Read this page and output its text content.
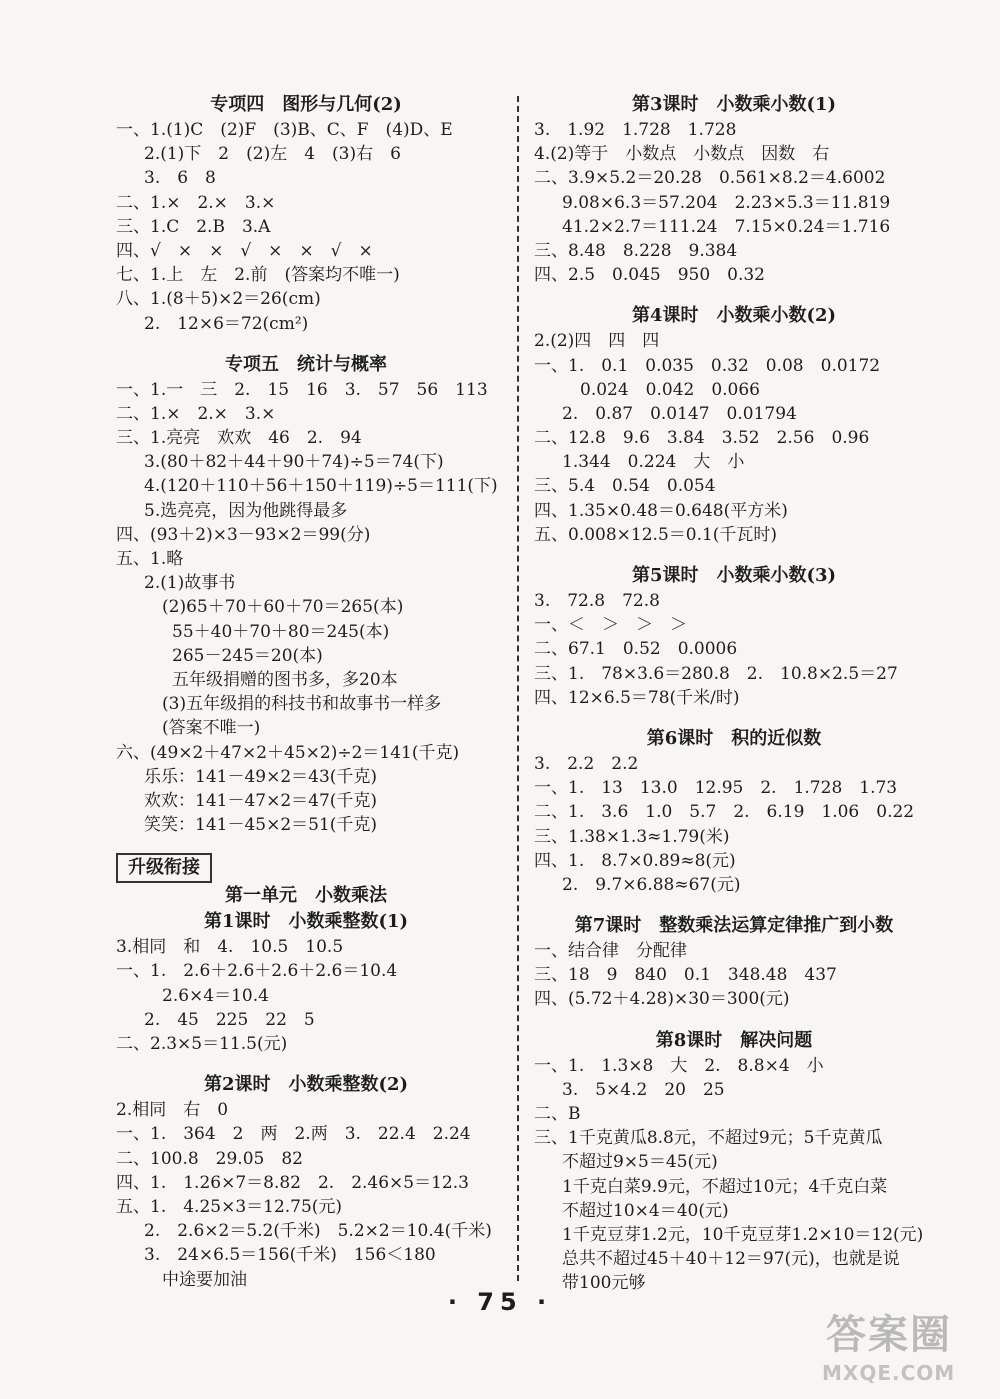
专项四　图形与几何(2)
一、1.(1)C　(2)F　(3)B、C、F　(4)D、E
2.(1)下　2　(2)左　4　(3)右　6
3.　6　8
二、1.×　2.×　3.×
三、1.C　2.B　3.A
四、√　×　×　√　×　×　√　×
七、1.上　左　2.前　(答案均不唯一)
八、1.(8＋5)×2＝26(cm)
2.　12×6＝72(cm²)
专项五　统计与概率
一、1.一　三　2.　15　16　3.　57　56　113
二、1.×　2.×　3.×
三、1.亮亮　欢欢　46　2.　94
3.(80＋82＋44＋90＋74)÷5＝74(下)
4.(120＋110＋56＋150＋119)÷5＝111(下)
5.选亮亮，因为他跳得最多
四、(93＋2)×3－93×2＝99(分)
五、1.略
2.(1)故事书
(2)65＋70＋60＋70＝265(本)
55＋40＋70＋80＝245(本)
265－245＝20(本)
五年级捐赠的图书多，多20本
(3)五年级捐的科技书和故事书一样多
(答案不唯一)
六、(49×2＋47×2＋45×2)÷2＝141(千克)
乐乐：141－49×2＝43(千克)
欢欢：141－47×2＝47(千克)
笑笑：141－45×2＝51(千克)
升级衔接
第一单元　小数乘法
第1课时　小数乘整数(1)
3.相同　和　4.　10.5　10.5
一、1.　2.6＋2.6＋2.6＋2.6＝10.4
2.6×4＝10.4
2.　45　225　22　5
二、2.3×5＝11.5(元)
第2课时　小数乘整数(2)
2.相同　右　0
一、1.　364　2　两　2.两　3.　22.4　2.24
二、100.8　29.05　82
四、1.　1.26×7＝8.82　2.　2.46×5＝12.3
五、1.　4.25×3＝12.75(元)
2.　2.6×2＝5.2(千米)　5.2×2＝10.4(千米)
3.　24×6.5＝156(千米)　156＜180
中途要加油
第3课时　小数乘小数(1)
3.　1.92　1.728　1.728
4.(2)等于　小数点　小数点　因数　右
二、3.9×5.2＝20.28　0.561×8.2＝4.6002
9.08×6.3＝57.204　2.23×5.3＝11.819
41.2×2.7＝111.24　7.15×0.24＝1.716
三、8.48　8.228　9.384
四、2.5　0.045　950　0.32
第4课时　小数乘小数(2)
2.(2)四　四　四
一、1.　0.1　0.035　0.32　0.08　0.0172
0.024　0.042　0.066
2.　0.87　0.0147　0.01794
二、12.8　9.6　3.84　3.52　2.56　0.96
1.344　0.224　大　小
三、5.4　0.54　0.054
四、1.35×0.48＝0.648(平方米)
五、0.008×12.5＝0.1(千瓦时)
第5课时　小数乘小数(3)
3.　72.8　72.8
一、＜　＞　＞　＞
二、67.1　0.52　0.0006
三、1.　78×3.6＝280.8　2.　10.8×2.5＝27
四、12×6.5＝78(千米/时)
第6课时　积的近似数
3.　2.2　2.2
一、1.　13　13.0　12.95　2.　1.728　1.73
二、1.　3.6　1.0　5.7　2.　6.19　1.06　0.22
三、1.38×1.3≈1.79(米)
四、1.　8.7×0.89≈8(元)
2.　9.7×6.88≈67(元)
第7课时　整数乘法运算定律推广到小数
一、结合律　分配律
三、18　9　840　0.1　348.48　437
四、(5.72＋4.28)×30＝300(元)
第8课时　解决问题
一、1.　1.3×8　大　2.　8.8×4　小
3.　5×4.2　20　25
二、B
三、1千克黄瓜8.8元，不超过9元；5千克黄瓜
不超过9×5＝45(元)
1千克白菜9.9元，不超过10元；4千克白菜
不超过10×4＝40(元)
1千克豆芽1.2元，10千克豆芽1.2×10＝12(元)
总共不超过45＋40＋12＝97(元)，也就是说
带100元够
· 75 ·
答案圈
MXQE.COM
